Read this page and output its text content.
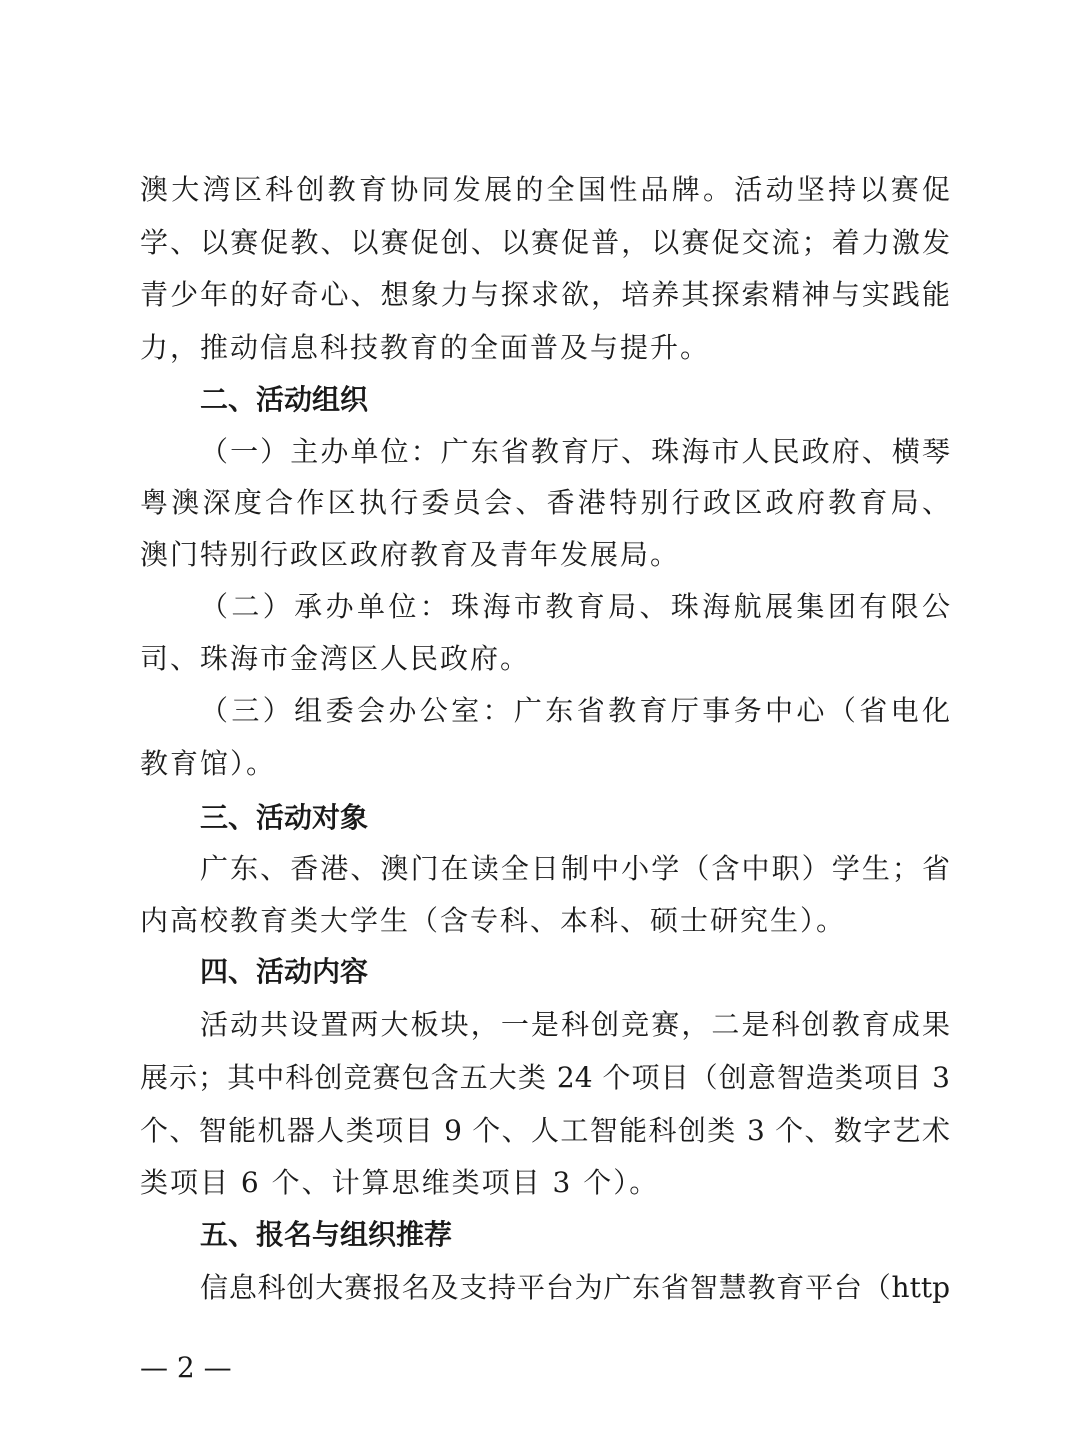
澳大湾区科创教育协同发展的全国性品牌。活动坚持以赛促
学、以赛促教、以赛促创、以赛促普，以赛促交流；着力激发
青少年的好奇心、想象力与探求欲，培养其探索精神与实践能
力，推动信息科技教育的全面普及与提升。
二、活动组织
（一）主办单位：广东省教育厅、珠海市人民政府、横琴
粤澳深度合作区执行委员会、香港特别行政区政府教育局、
澳门特别行政区政府教育及青年发展局。
（二）承办单位：珠海市教育局、珠海航展集团有限公
司、珠海市金湾区人民政府。
（三）组委会办公室：广东省教育厅事务中心（省电化
教育馆）。
三、活动对象
广东、香港、澳门在读全日制中小学（含中职）学生；省
内高校教育类大学生（含专科、本科、硕士研究生）。
四、活动内容
活动共设置两大板块，一是科创竞赛，二是科创教育成果
展示；其中科创竞赛包含五大类 24 个项目（创意智造类项目 3
个、智能机器人类项目 9 个、人工智能科创类 3 个、数字艺术
类项目 6 个、计算思维类项目 3 个）。
五、报名与组织推荐
信息科创大赛报名及支持平台为广东省智慧教育平台（http
— 2 —
